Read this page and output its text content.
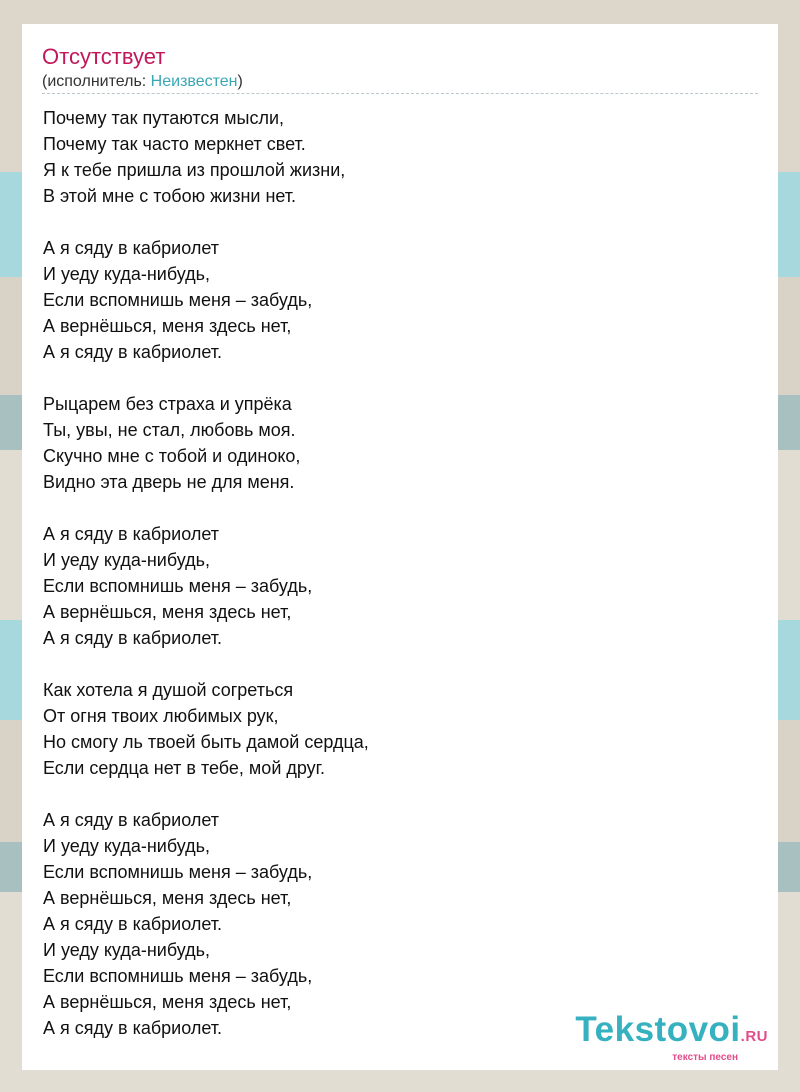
Отсутствует
(исполнитель: Неизвестен)
Почему так путаются мысли,
Почему так часто меркнет свет.
Я к тебе пришла из прошлой жизни,
В этой мне с тобою жизни нет.
А я сяду в кабриолет
И уеду куда-нибудь,
Если вспомнишь меня – забудь,
А вернёшься, меня здесь нет,
А я сяду в кабриолет.
Рыцарем без страха и упрёка
Ты, увы, не стал, любовь моя.
Скучно мне с тобой и одиноко,
Видно эта дверь не для меня.
А я сяду в кабриолет
И уеду куда-нибудь,
Если вспомнишь меня – забудь,
А вернёшься, меня здесь нет,
А я сяду в кабриолет.
Как хотела я душой согреться
От огня твоих любимых рук,
Но смогу ль твоей быть дамой сердца,
Если сердца нет в тебе, мой друг.
А я сяду в кабриолет
И уеду куда-нибудь,
Если вспомнишь меня – забудь,
А вернёшься, меня здесь нет,
А я сяду в кабриолет.
И уеду куда-нибудь,
Если вспомнишь меня – забудь,
А вернёшься, меня здесь нет,
А я сяду в кабриолет.	Tekstovoi.RU
тексты песен
